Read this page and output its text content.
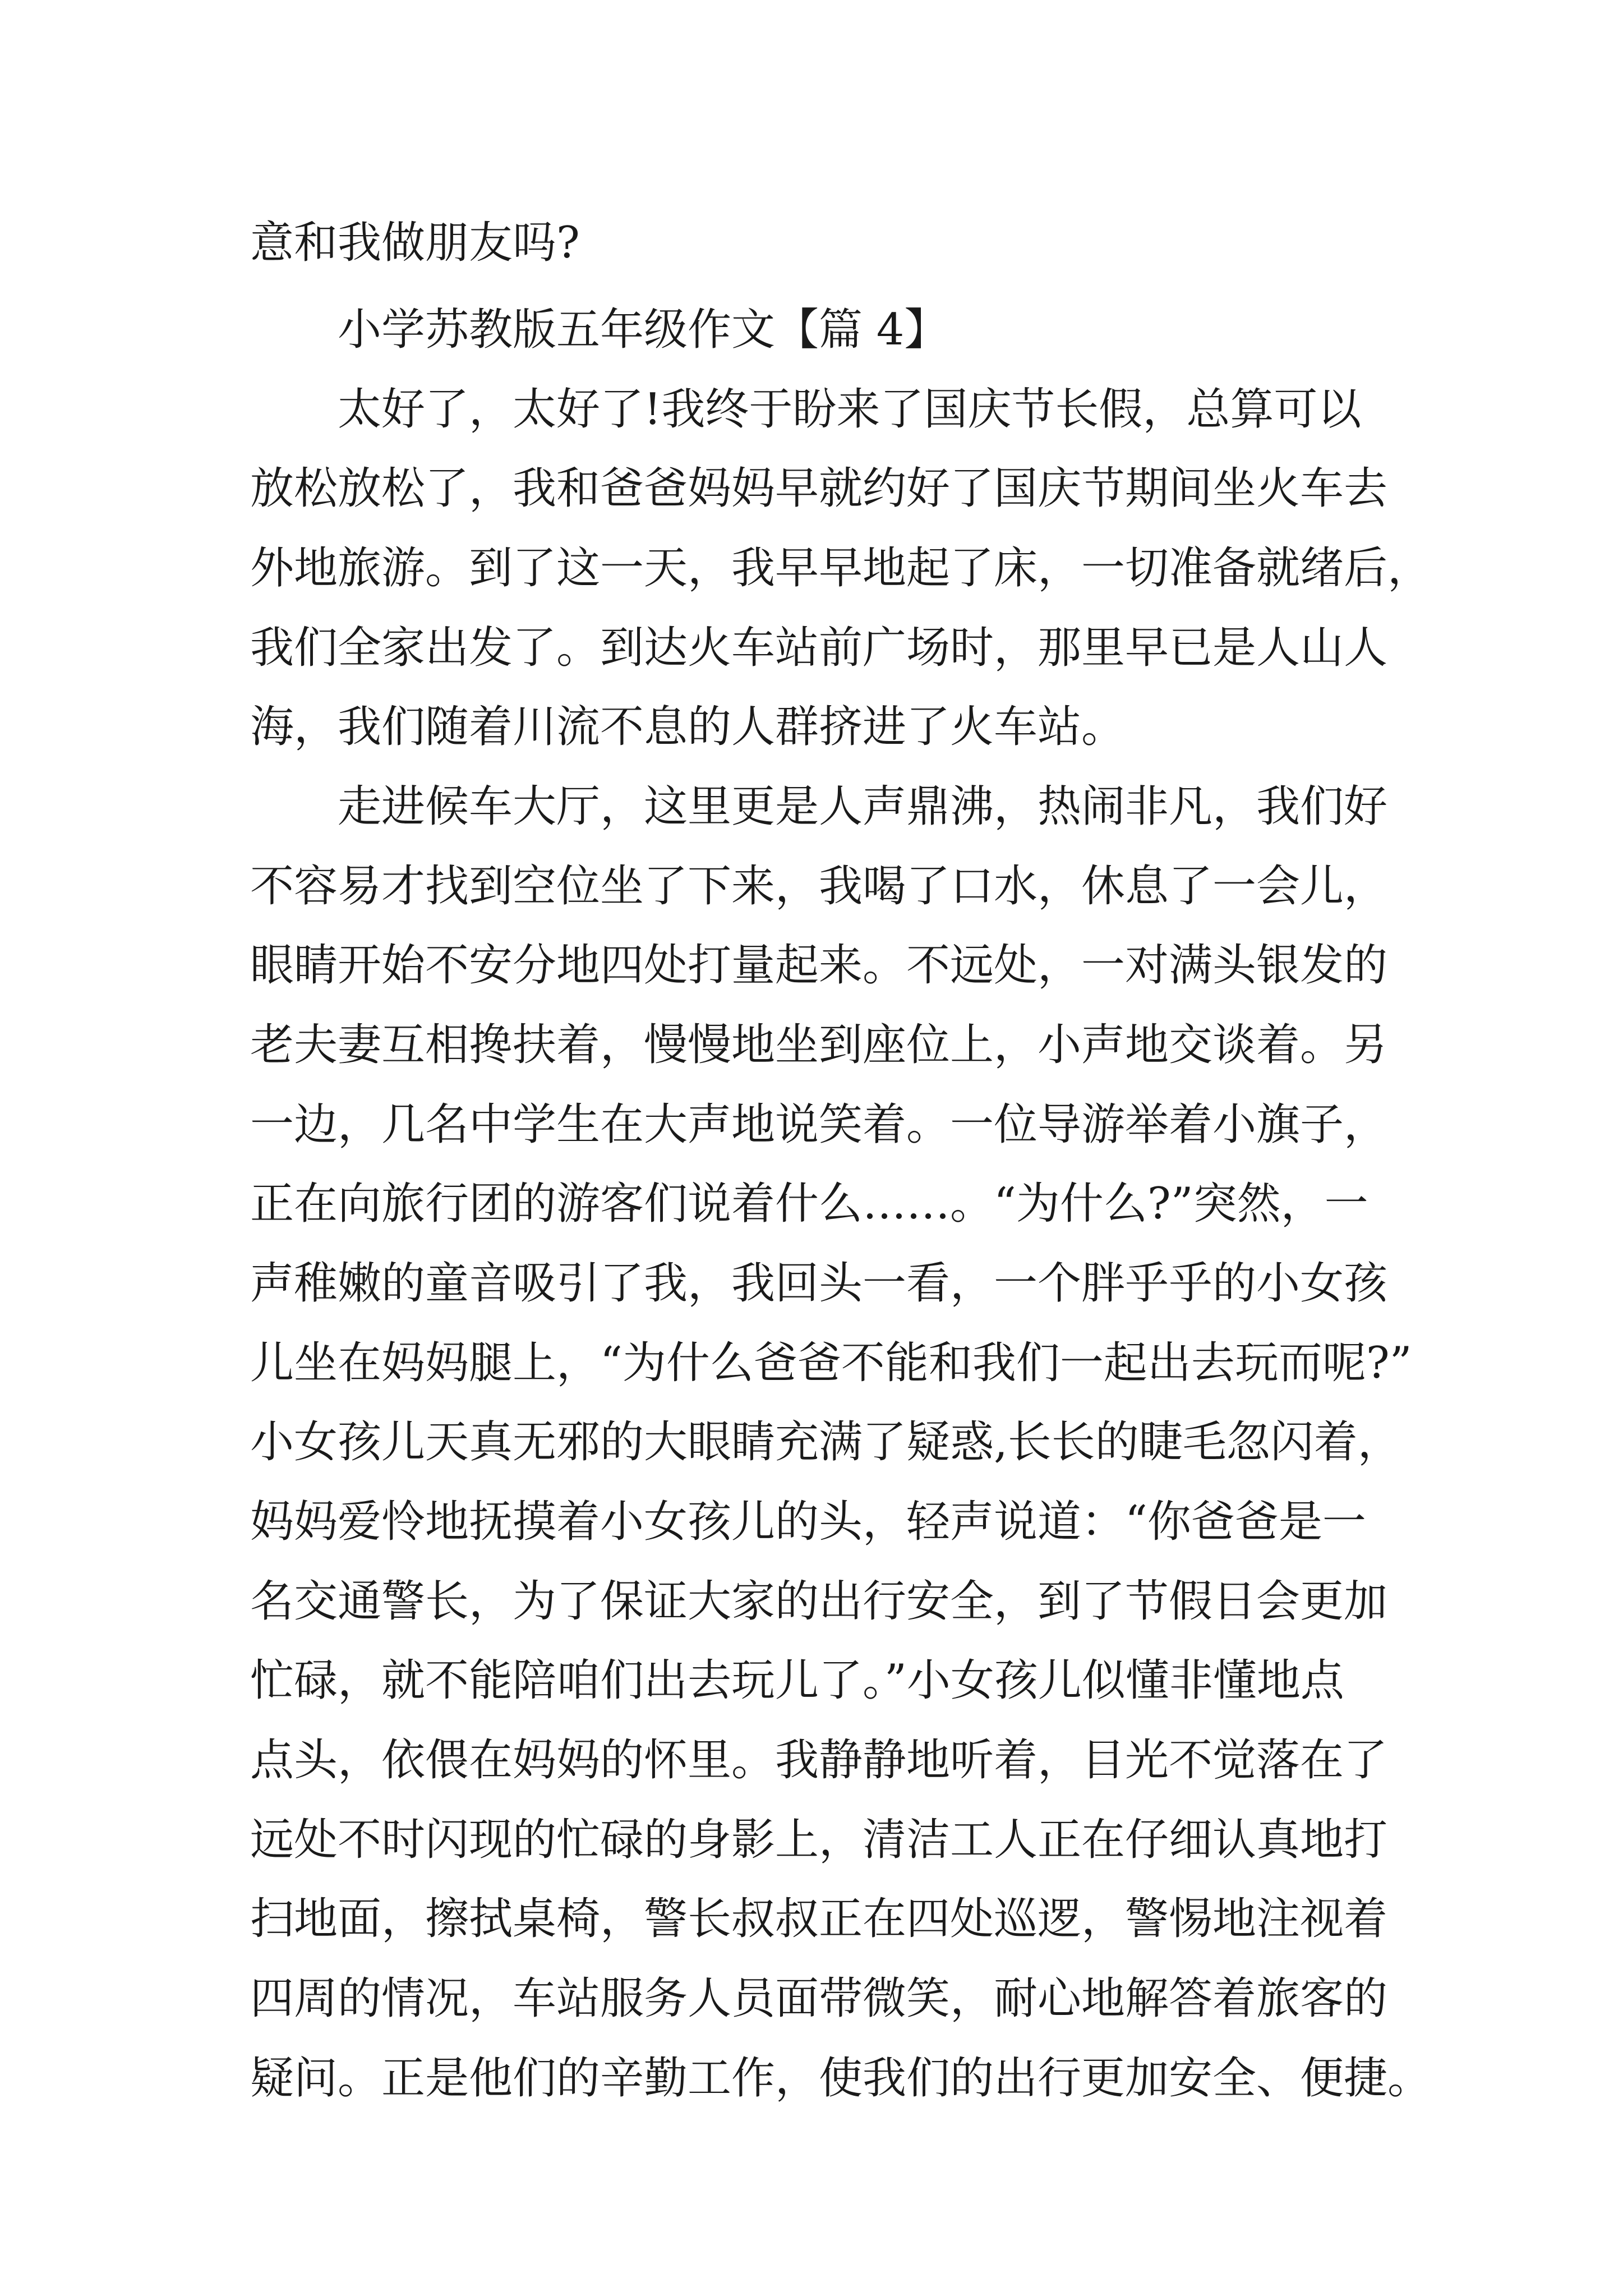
意和我做朋友吗?
小学苏教版五年级作文【篇 4】
太好了，太好了!我终于盼来了国庆节长假，总算可以
放松放松了，我和爸爸妈妈早就约好了国庆节期间坐火车去
外地旅游。到了这一天，我早早地起了床，一切准备就绪后，
我们全家出发了。到达火车站前广场时，那里早已是人山人
海，我们随着川流不息的人群挤进了火车站。
走进候车大厅，这里更是人声鼎沸，热闹非凡，我们好
不容易才找到空位坐了下来，我喝了口水，休息了一会儿，
眼睛开始不安分地四处打量起来。不远处，一对满头银发的
老夫妻互相搀扶着，慢慢地坐到座位上，小声地交谈着。另
一边，几名中学生在大声地说笑着。一位导游举着小旗子，
正在向旅行团的游客们说着什么……。“为什么?”突然，一
声稚嫩的童音吸引了我，我回头一看，一个胖乎乎的小女孩
儿坐在妈妈腿上，“为什么爸爸不能和我们一起出去玩而呢?”
小女孩儿天真无邪的大眼睛充满了疑惑,长长的睫毛忽闪着，
妈妈爱怜地抚摸着小女孩儿的头，轻声说道：“你爸爸是一
名交通警长，为了保证大家的出行安全，到了节假日会更加
忙碌，就不能陪咱们出去玩儿了。”小女孩儿似懂非懂地点
点头，依偎在妈妈的怀里。我静静地听着，目光不觉落在了
远处不时闪现的忙碌的身影上，清洁工人正在仔细认真地打
扫地面，擦拭桌椅，警长叔叔正在四处巡逻，警惕地注视着
四周的情况，车站服务人员面带微笑，耐心地解答着旅客的
疑问。正是他们的辛勤工作，使我们的出行更加安全、便捷。
